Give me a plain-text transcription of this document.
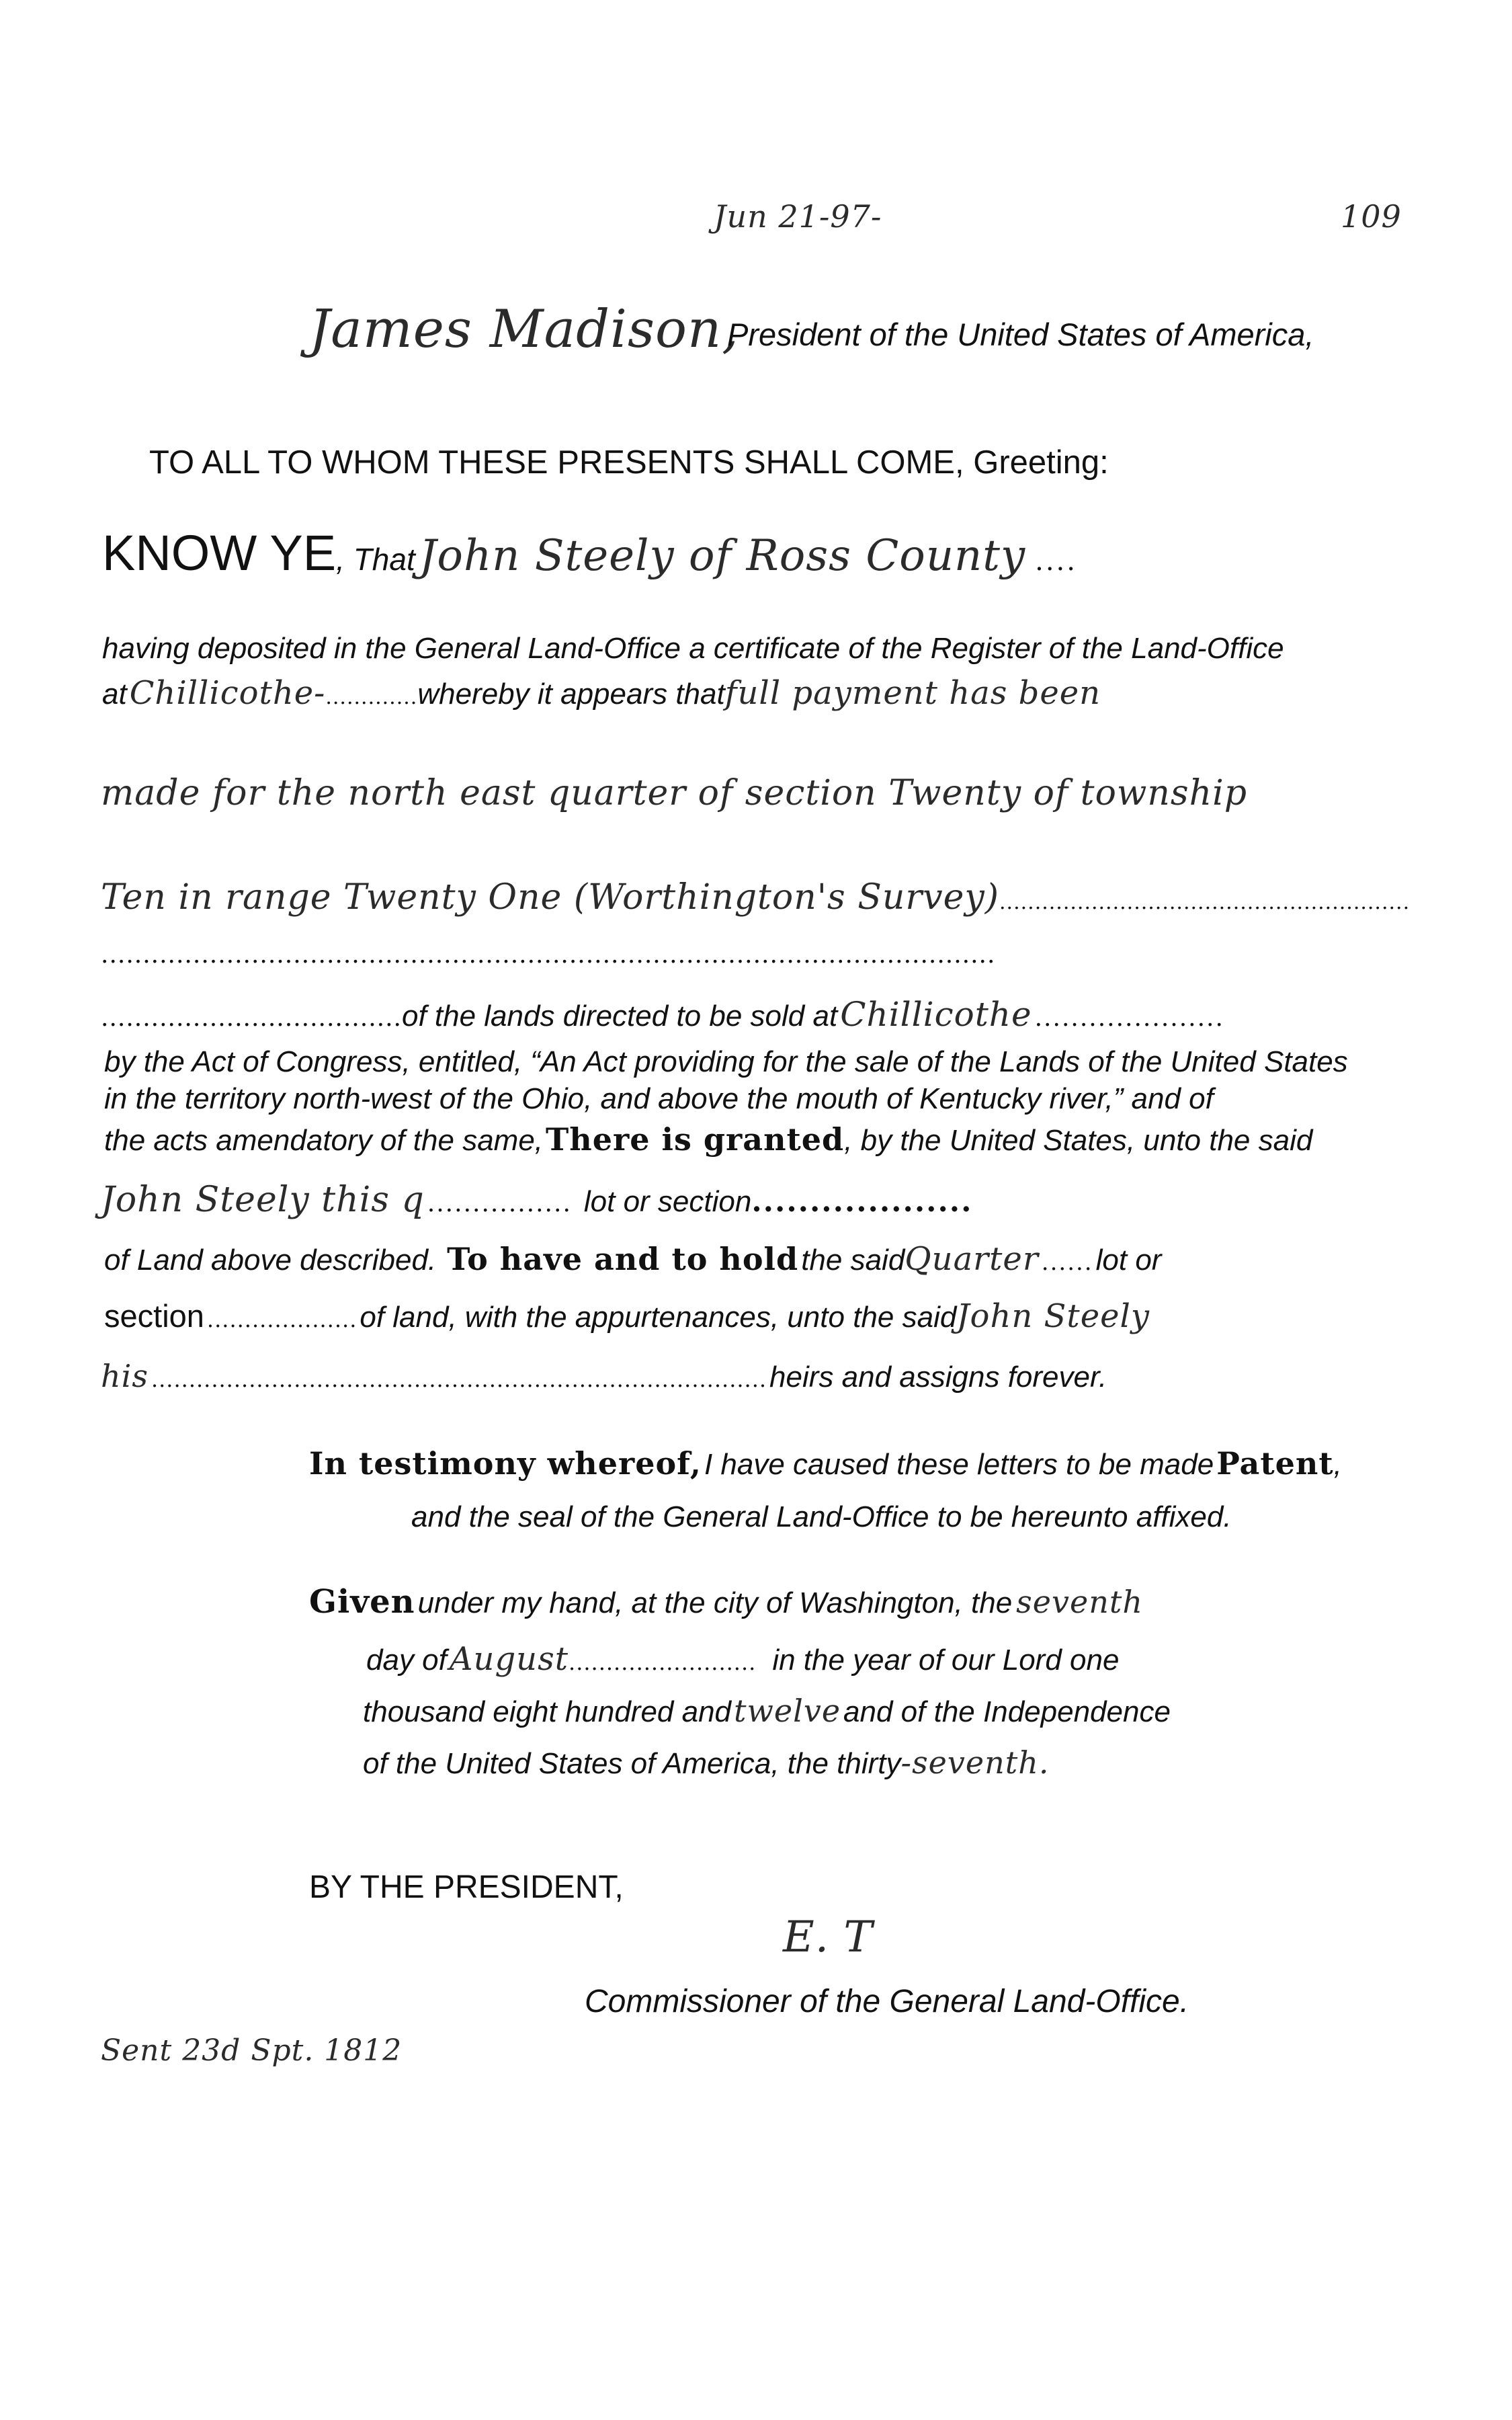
Jun 21-97-	109
James Madison,
President of the United States of America,
TO ALL TO WHOM THESE PRESENTS SHALL COME, Greeting:
KNOW YE, ThatJohn Steely of Ross County ....
having deposited in the General Land-Office a certificate of the Register of the Land-Office
at Chillicothe-.............whereby it appears thatfull payment has been
made for the north east quarter of section Twenty of township
Ten in range Twenty One (Worthington's Survey)..........................................................
...........................................................................................................
....................................of the lands directed to be sold at Chillicothe .....................
by the Act of Congress, entitled, “An Act providing for the sale of the Lands of the United States
in the territory north-west of the Ohio, and above the mouth of Kentucky river,” and of
the acts amendatory of the same, There is granted, by the United States, unto the said
John Steely this q ................ lot or section...................
of Land above described. To have and to hold the saidQuarter ...... lot or
section .................... of land, with the appurtenances, unto the saidJohn Steely
his .................................................................................. heirs and assigns forever.
In testimony whereof, I have caused these letters to be made Patent,
and the seal of the General Land-Office to be hereunto affixed.
Given under my hand, at the city of Washington, the seventh
day of August......................... in the year of our Lord one
thousand eight hundred and twelve and of the Independence
of the United States of America, the thirty-seventh.
BY THE PRESIDENT,
E. T
Commissioner of the General Land-Office.
Sent 23d Spt. 1812
